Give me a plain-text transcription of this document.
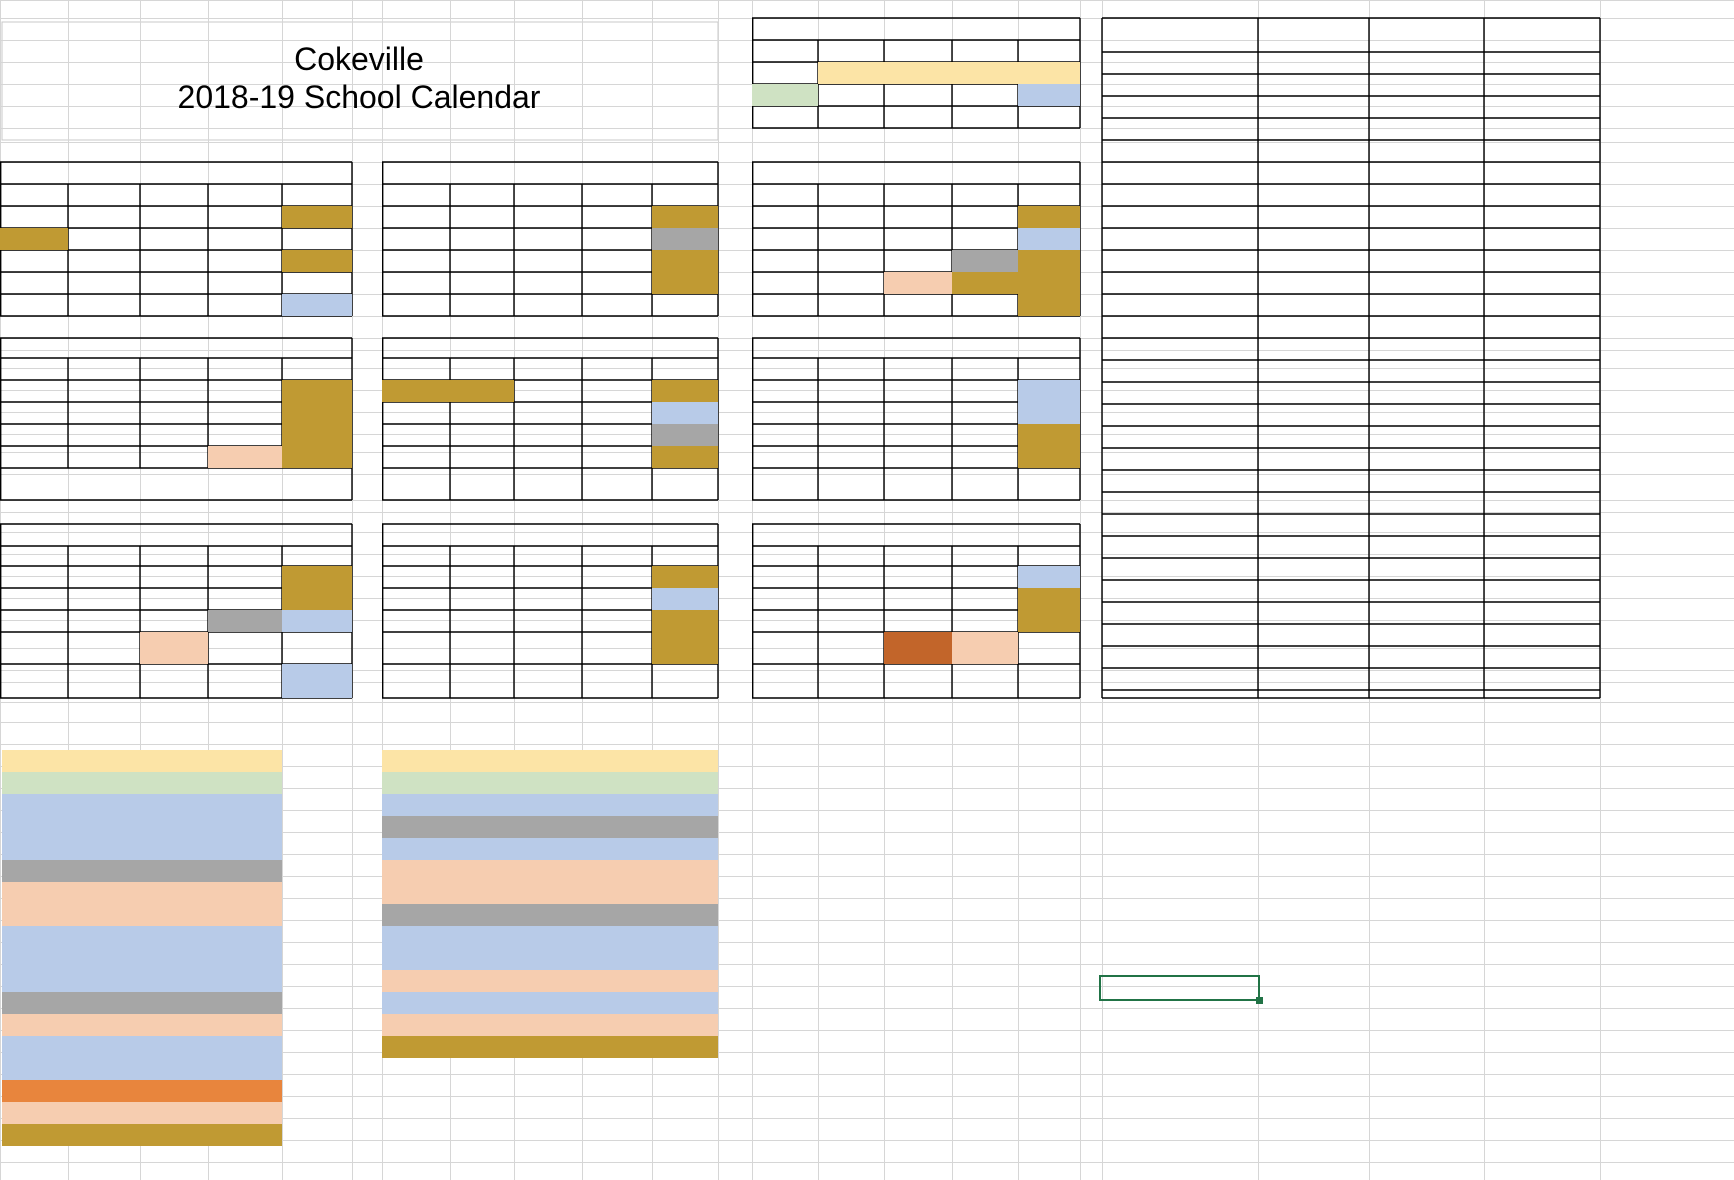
Cokeville
2018-19 School Calendar
